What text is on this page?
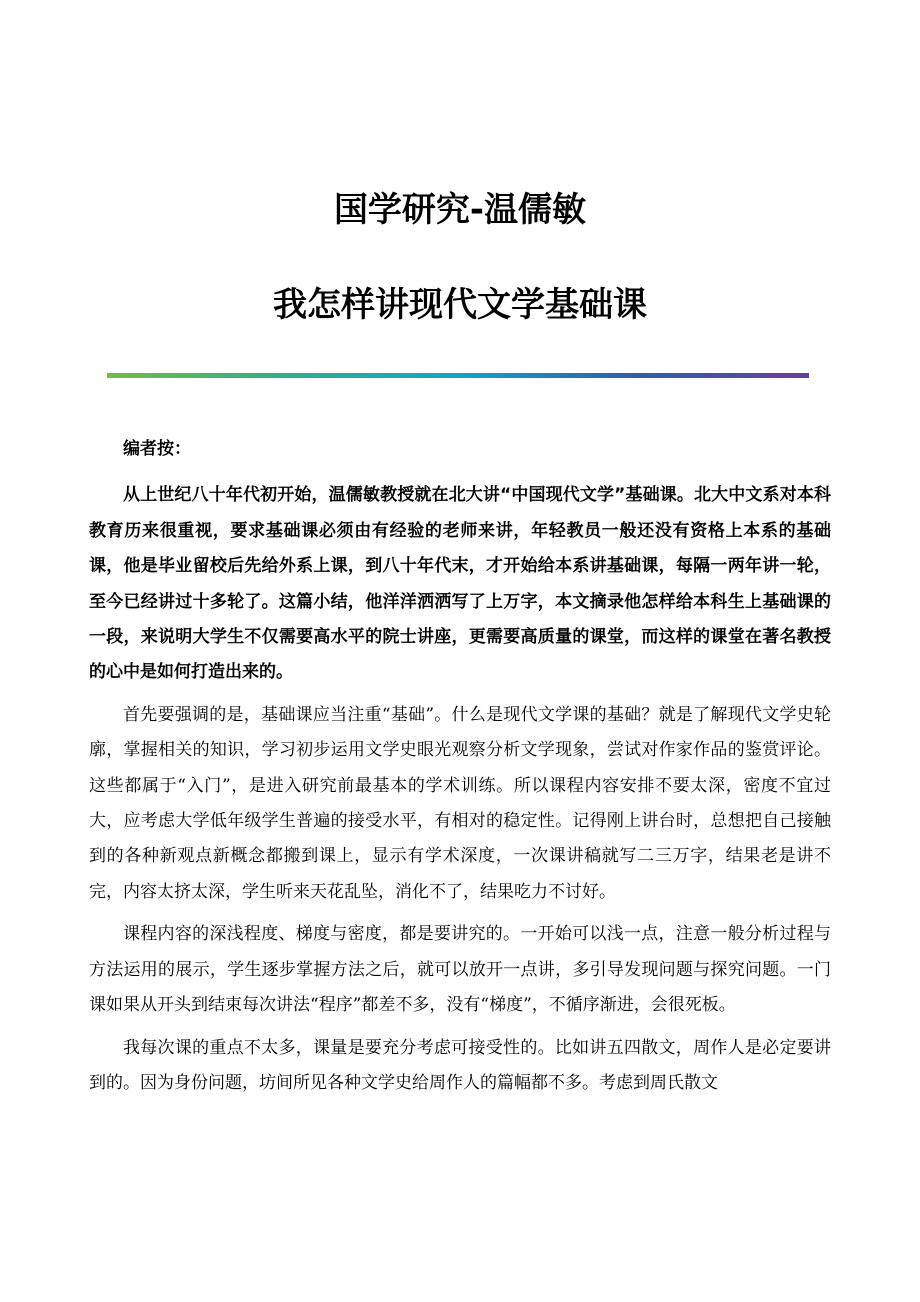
国学研究-温儒敏
我怎样讲现代文学基础课

编者按：

从上世纪八十年代初开始，温儒敏教授就在北大讲“中国现代文学”基础课。北大中文系对本科教育历来很重视，要求基础课必须由有经验的老师来讲，年轻教员一般还没有资格上本系的基础课，他是毕业留校后先给外系上课，到八十年代末，才开始给本系讲基础课，每隔一两年讲一轮，至今已经讲过十多轮了。这篇小结，他洋洋洒洒写了上万字，本文摘录他怎样给本科生上基础课的一段，来说明大学生不仅需要高水平的院士讲座，更需要高质量的课堂，而这样的课堂在著名教授的心中是如何打造出来的。

首先要强调的是，基础课应当注重“基础”。什么是现代文学课的基础？就是了解现代文学史轮廓，掌握相关的知识，学习初步运用文学史眼光观察分析文学现象，尝试对作家作品的鉴赏评论。这些都属于“入门”，是进入研究前最基本的学术训练。所以课程内容安排不要太深，密度不宜过大，应考虑大学低年级学生普遍的接受水平，有相对的稳定性。记得刚上讲台时，总想把自己接触到的各种新观点新概念都搬到课上，显示有学术深度，一次课讲稿就写二三万字，结果老是讲不完，内容太挤太深，学生听来天花乱坠，消化不了，结果吃力不讨好。

课程内容的深浅程度、梯度与密度，都是要讲究的。一开始可以浅一点，注意一般分析过程与方法运用的展示，学生逐步掌握方法之后，就可以放开一点讲，多引导发现问题与探究问题。一门课如果从开头到结束每次讲法“程序”都差不多，没有“梯度”，不循序渐进，会很死板。

我每次课的重点不太多，课量是要充分考虑可接受性的。比如讲五四散文，周作人是必定要讲到的。因为身份问题，坊间所见各种文学史给周作人的篇幅都不多。考虑到周氏散文
